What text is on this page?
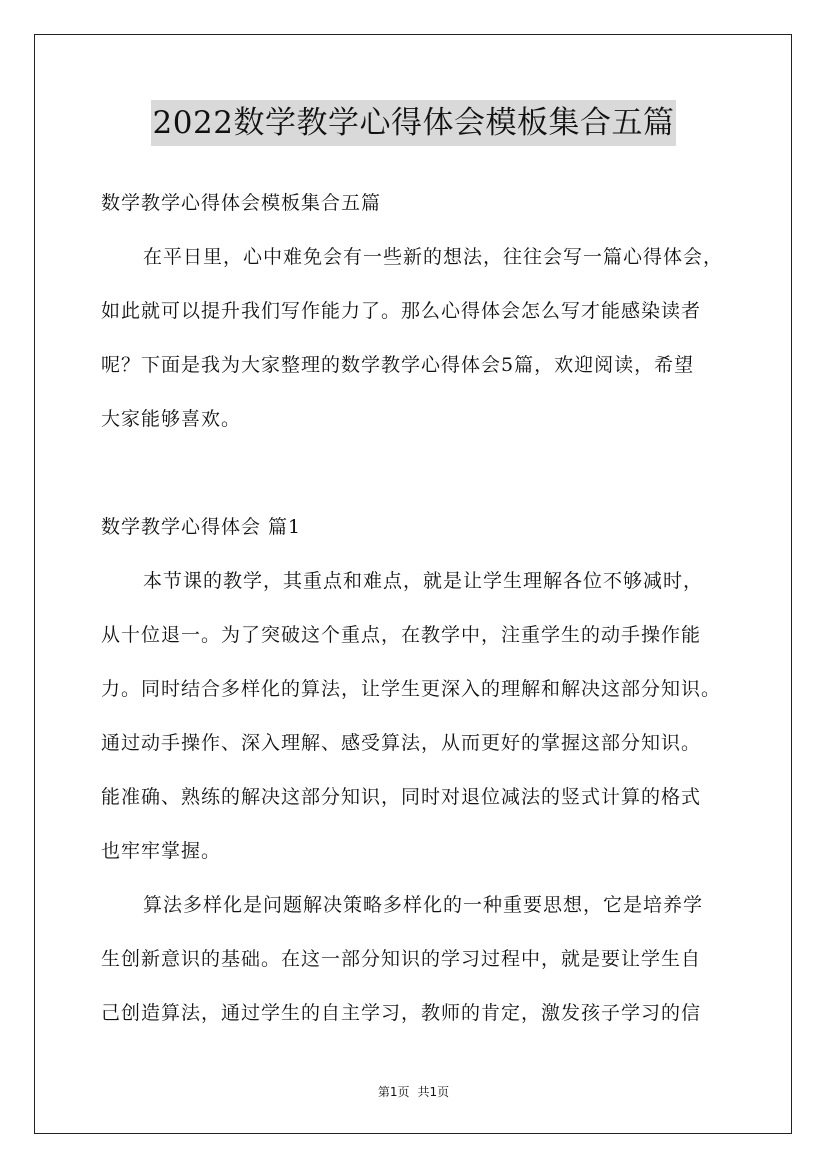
2022数学教学心得体会模板集合五篇
数学教学心得体会模板集合五篇
在平日里，心中难免会有一些新的想法，往往会写一篇心得体会，
如此就可以提升我们写作能力了。那么心得体会怎么写才能感染读者
呢？下面是我为大家整理的数学教学心得体会5篇，欢迎阅读，希望
大家能够喜欢。
数学教学心得体会 篇1
本节课的教学，其重点和难点，就是让学生理解各位不够减时，
从十位退一。为了突破这个重点，在教学中，注重学生的动手操作能
力。同时结合多样化的算法，让学生更深入的理解和解决这部分知识。
通过动手操作、深入理解、感受算法，从而更好的掌握这部分知识。
能准确、熟练的解决这部分知识，同时对退位减法的竖式计算的格式
也牢牢掌握。
算法多样化是问题解决策略多样化的一种重要思想，它是培养学
生创新意识的基础。在这一部分知识的学习过程中，就是要让学生自
己创造算法，通过学生的自主学习，教师的肯定，激发孩子学习的信
第1页 共1页
